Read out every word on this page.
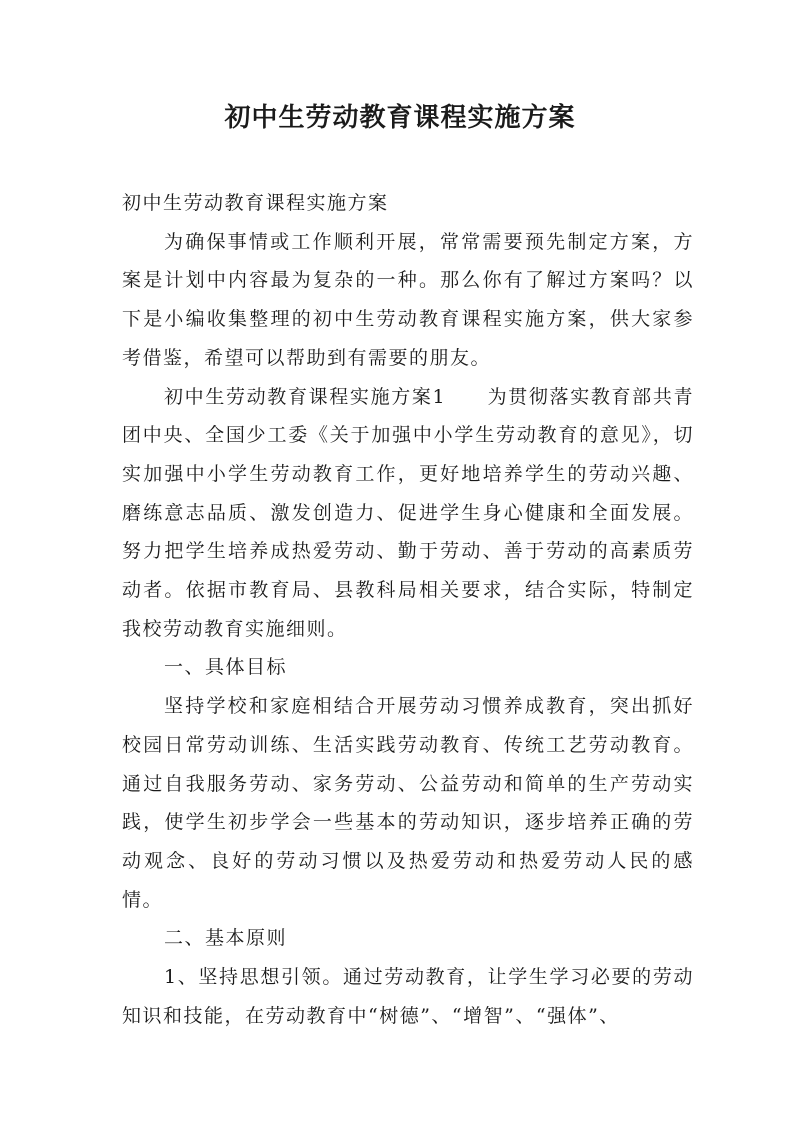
初中生劳动教育课程实施方案

初中生劳动教育课程实施方案

为确保事情或工作顺利开展，常常需要预先制定方案，方案是计划中内容最为复杂的一种。那么你有了解过方案吗？以下是小编收集整理的初中生劳动教育课程实施方案，供大家参考借鉴，希望可以帮助到有需要的朋友。

初中生劳动教育课程实施方案1　　为贯彻落实教育部共青团中央、全国少工委《关于加强中小学生劳动教育的意见》，切实加强中小学生劳动教育工作，更好地培养学生的劳动兴趣、磨练意志品质、激发创造力、促进学生身心健康和全面发展。努力把学生培养成热爱劳动、勤于劳动、善于劳动的高素质劳动者。依据市教育局、县教科局相关要求，结合实际，特制定我校劳动教育实施细则。

一、具体目标

坚持学校和家庭相结合开展劳动习惯养成教育，突出抓好校园日常劳动训练、生活实践劳动教育、传统工艺劳动教育。通过自我服务劳动、家务劳动、公益劳动和简单的生产劳动实践，使学生初步学会一些基本的劳动知识，逐步培养正确的劳动观念、良好的劳动习惯以及热爱劳动和热爱劳动人民的感情。

二、基本原则

1、坚持思想引领。通过劳动教育，让学生学习必要的劳动知识和技能，在劳动教育中“树德”、“增智”、“强体”、
